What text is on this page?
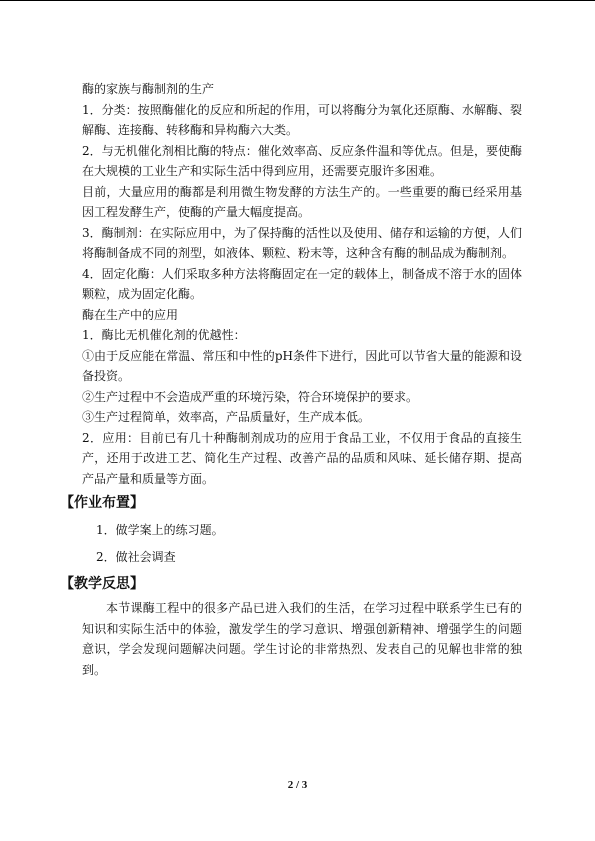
酶的家族与酶制剂的生产

1．分类：按照酶催化的反应和所起的作用，可以将酶分为氧化还原酶、水解酶、裂解酶、连接酶、转移酶和异构酶六大类。

2．与无机催化剂相比酶的特点：催化效率高、反应条件温和等优点。但是，要使酶在大规模的工业生产和实际生活中得到应用，还需要克服许多困难。

目前，大量应用的酶都是利用微生物发酵的方法生产的。一些重要的酶已经采用基因工程发酵生产，使酶的产量大幅度提高。

3．酶制剂：在实际应用中，为了保持酶的活性以及使用、储存和运输的方便，人们将酶制备成不同的剂型，如液体、颗粒、粉末等，这种含有酶的制品成为酶制剂。

4．固定化酶：人们采取多种方法将酶固定在一定的载体上，制备成不溶于水的固体颗粒，成为固定化酶。

酶在生产中的应用

1．酶比无机催化剂的优越性：

①由于反应能在常温、常压和中性的pH条件下进行，因此可以节省大量的能源和设备投资。

②生产过程中不会造成严重的环境污染，符合环境保护的要求。

③生产过程简单，效率高，产品质量好，生产成本低。

2．应用：目前已有几十种酶制剂成功的应用于食品工业，不仅用于食品的直接生产，还用于改进工艺、简化生产过程、改善产品的品质和风味、延长储存期、提高产品产量和质量等方面。

【作业布置】

1．做学案上的练习题。

2．做社会调查

【教学反思】

本节课酶工程中的很多产品已进入我们的生活，在学习过程中联系学生已有的知识和实际生活中的体验，激发学生的学习意识、增强创新精神、增强学生的问题意识，学会发现问题解决问题。学生讨论的非常热烈、发表自己的见解也非常的独到。

2 / 3
